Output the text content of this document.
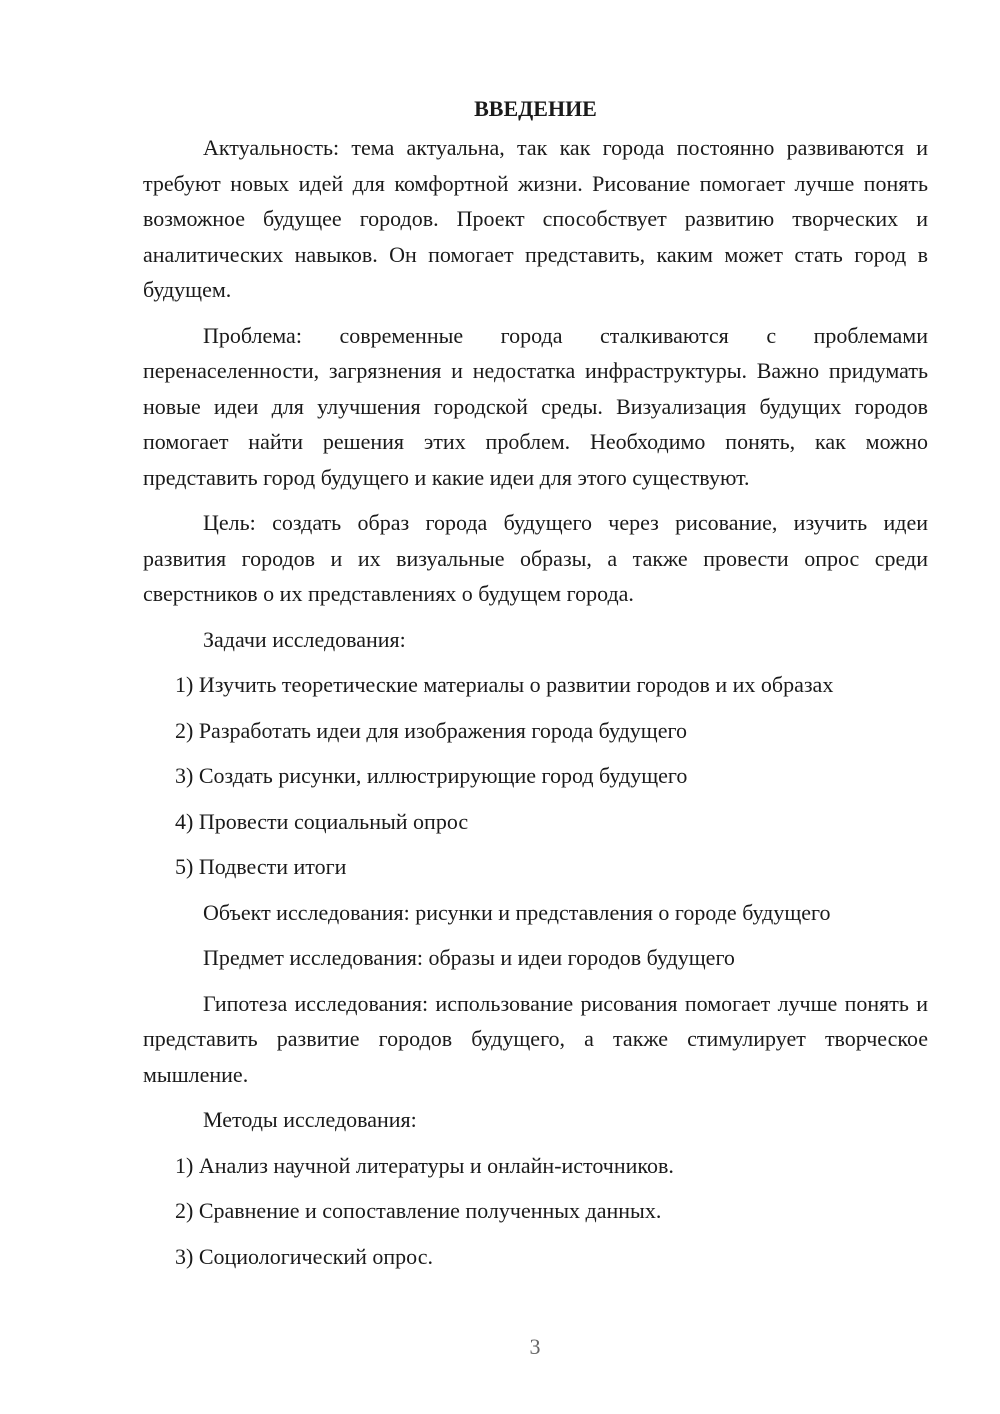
ВВЕДЕНИЕ

Актуальность: тема актуальна, так как города постоянно развиваются и требуют новых идей для комфортной жизни. Рисование помогает лучше понять возможное будущее городов. Проект способствует развитию творческих и аналитических навыков. Он помогает представить, каким может стать город в будущем.

Проблема: современные города сталкиваются с проблемами перенаселенности, загрязнения и недостатка инфраструктуры. Важно придумать новые идеи для улучшения городской среды. Визуализация будущих городов помогает найти решения этих проблем. Необходимо понять, как можно представить город будущего и какие идеи для этого существуют.

Цель: создать образ города будущего через рисование, изучить идеи развития городов и их визуальные образы, а также провести опрос среди сверстников о их представлениях о будущем города.

Задачи исследования:
1) Изучить теоретические материалы о развитии городов и их образах
2) Разработать идеи для изображения города будущего
3) Создать рисунки, иллюстрирующие город будущего
4) Провести социальный опрос
5) Подвести итоги
Объект исследования: рисунки и представления о городе будущего
Предмет исследования: образы и идеи городов будущего

Гипотеза исследования: использование рисования помогает лучше понять и представить развитие городов будущего, а также стимулирует творческое мышление.

Методы исследования:
1) Анализ научной литературы и онлайн-источников.
2) Сравнение и сопоставление полученных данных.
3) Социологический опрос.
3
